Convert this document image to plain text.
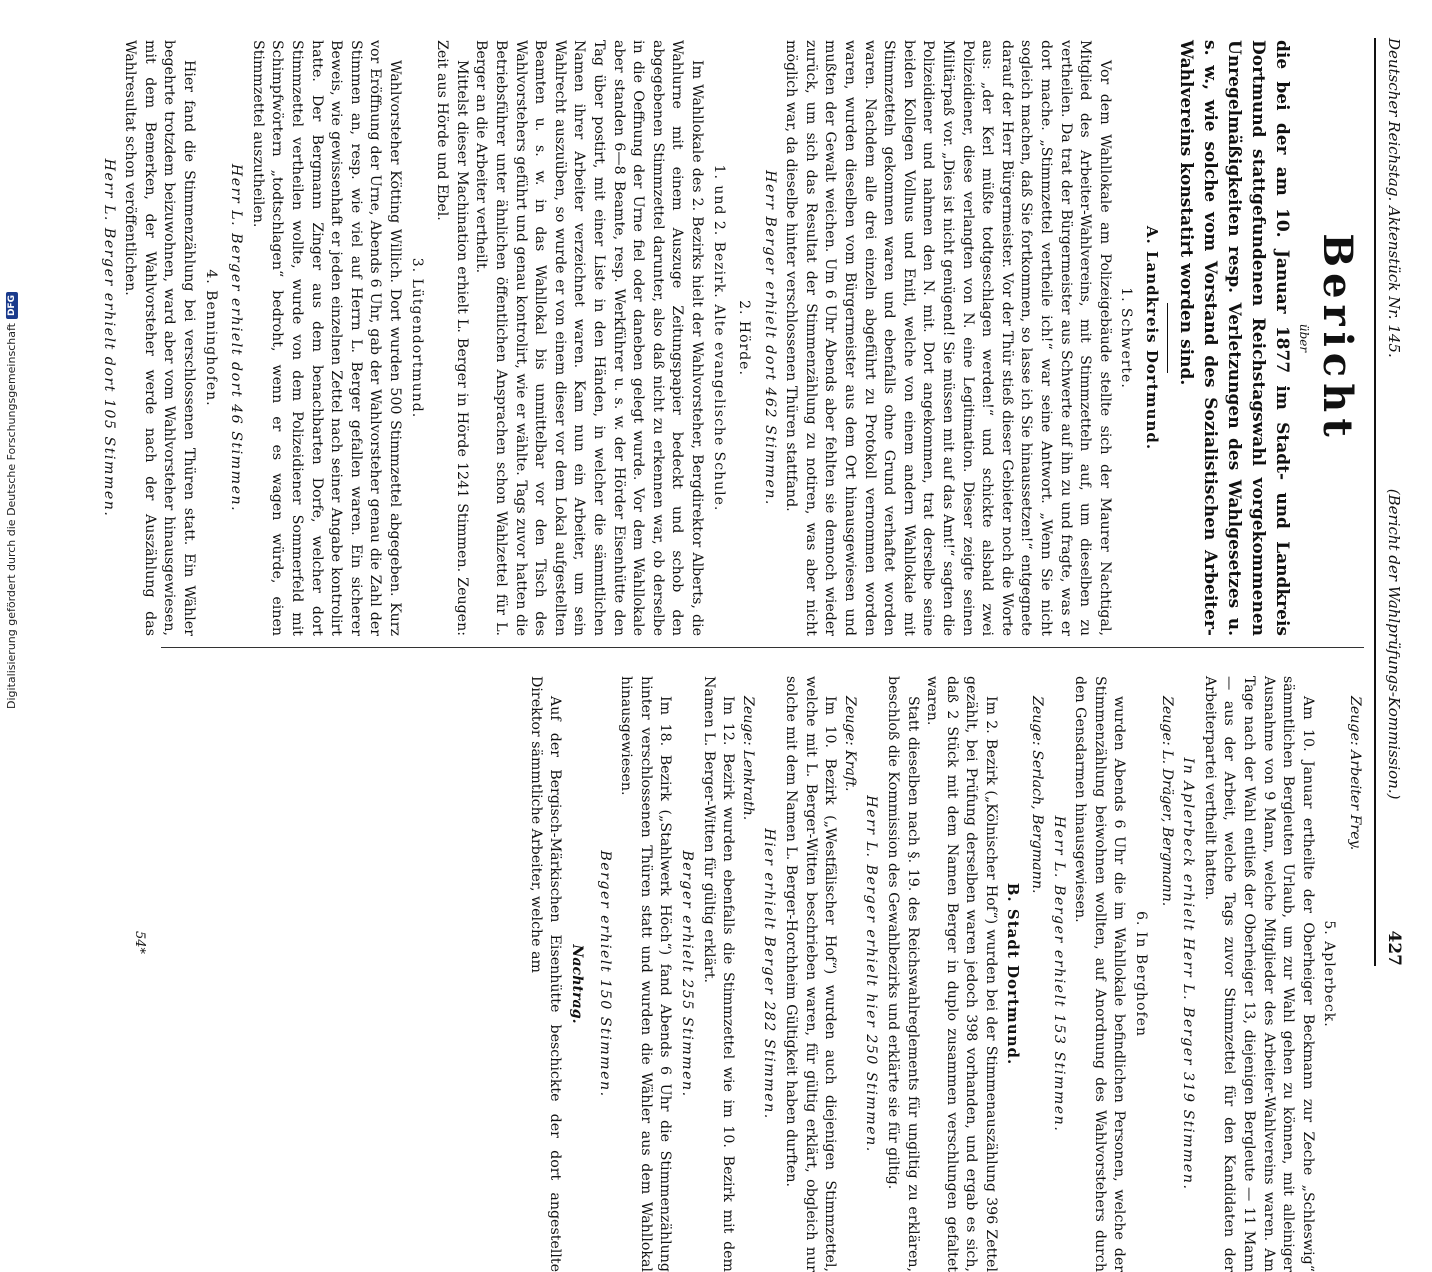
Digitalisierung gefördert durch die Deutsche Forschungsgemeinschaft
DFG	Deutscher Reichstag. Aktenstück Nr. 145.
(Bericht der Wahlprüfungs-Kommission.)
427
Bericht
über

die bei der am 10. Januar 1877 im Stadt- und Landkreis Dortmund stattgefundenen Reichstagswahl vorgekommenen Unregelmäßigkeiten resp. Verletzungen des Wahlgesetzes u. s. w., wie solche vom Vorstand des Sozialistischen Arbeiter-Wahlvereins konstatirt worden sind.

A. Landkreis Dortmund.
1. Schwerte.

Vor dem Wahllokale am Polizeigebäude stellte sich der Maurer Nachtigal, Mitglied des Arbeiter-Wahlvereins, mit Stimmzetteln auf, um dieselben zu vertheilen. Da trat der Bürgermeister aus Schwerte auf ihn zu und fragte, was er dort mache. „Stimmzettel vertheile ich!“ war seine Antwort. „Wenn Sie nicht sogleich machen, daß Sie fortkommen, so lasse ich Sie hinaussetzen!“ entgegnete darauf der Herr Bürgermeister. Vor der Thür stieß dieser Gebieter noch die Worte aus: „der Kerl müßte todtgeschlagen werden!“ und schickte alsbald zwei Polizeidiener, diese verlangten von N. eine Legitimation. Dieser zeigte seinen Militärpaß vor. „Dies ist nicht genügend! Sie müssen mit auf das Amt!“ sagten die Polizeidiener und nahmen den N. mit. Dort angekommen, trat derselbe seine beiden Kollegen Vollnus und Enitl, welche von einem andern Wahllokale mit Stimmzetteln gekommen waren und ebenfalls ohne Grund verhaftet worden waren. Nachdem alle drei einzeln abgeführt zu Protokoll vernommen worden waren, wurden dieselben vom Bürgermeister aus dem Ort hinausgewiesen und mußten der Gewalt weichen. Um 6 Uhr Abends aber fehlten sie dennoch wieder zurück, um sich das Resultat der Stimmenzählung zu notiren, was aber nicht möglich war, da dieselbe hinter verschlossenen Thüren stattfand.

Herr Berger erhielt dort 462 Stimmen.

2. Hörde.
1. und 2. Bezirk. Alte evangelische Schule.

Im Wahllokale des 2. Bezirks hielt der Wahlvorsteher, Bergdirektor Alberts, die Wahlurne mit einem Auszuge Zeitungspapier bedeckt und schob den abgegebenen Stimmzettel darunter, also daß nicht zu erkennen war, ob derselbe in die Oeffnung der Urne fiel oder daneben gelegt wurde. Vor dem Wahllokale aber standen 6—8 Beamte, resp. Werkführer u. s. w. der Hörder Eisenhütte den Tag über postirt, mit einer Liste in den Händen, in welcher die sämmtlichen Namen ihrer Arbeiter verzeichnet waren. Kam nun ein Arbeiter, um sein Wahlrecht auszuüben, so wurde er von einem dieser vor dem Lokal aufgestellten Beamten u. s. w. in das Wahllokal bis unmittelbar vor den Tisch des Wahlvorstehers geführt und genau kontrolirt, wie er wählte. Tags zuvor hatten die Betriebsführer unter ähnlichen öffentlichen Ansprachen schon Wahlzettel für L. Berger an die Arbeiter vertheilt.

Mittelst dieser Machination erhielt L. Berger in Hörde 1241 Stimmen. Zeugen: Zeit aus Hörde und Ebel.

3. Lütgendortmund.

Wahlvorsteher Kötting Willich. Dort wurden 500 Stimmzettel abgegeben. Kurz vor Eröffnung der Urne, Abends 6 Uhr, gab der Wahlvorsteher genau die Zahl der Stimmen an, resp. wie viel auf Herrn L. Berger gefallen waren. Ein sicherer Beweis, wie gewissenhaft er jeden einzelnen Zettel nach seiner Angabe kontrolirt hatte. Der Bergmann Zinger aus dem benachbarten Dorfe, welcher dort Stimmzettel vertheilen wollte, wurde von dem Polizeidiener Sommerfeld mit Schimpfwörtern „todtschlagen“ bedroht, wenn er es wagen würde, einen Stimmzettel auszutheilen.

Herr L. Berger erhielt dort 46 Stimmen.

4. Benninghofen.

Hier fand die Stimmenzählung bei verschlossenen Thüren statt. Ein Wähler begehrte trotzdem beizuwohnen, ward aber vom Wahlvorsteher hinausgewiesen, mit dem Bemerken, der Wahlvorsteher werde nach der Auszählung das Wahlresultat schon veröffentlichen.

Herr L. Berger erhielt dort 105 Stimmen.

Zeuge: Arbeiter Frey.

5. Aplerbeck.

Am 10. Januar ertheilte der Oberheiger Beckmann zur Zeche „Schleswig“ sämmtlichen Bergleuten Urlaub, um zur Wahl gehen zu können, mit alleiniger Ausnahme von 9 Mann, welche Mitglieder des Arbeiter-Wahlvereins waren. Am Tage nach der Wahl entließ der Oberheiger 13, diejenigen Bergleute — 11 Mann — aus der Arbeit, welche Tags zuvor Stimmzettel für den Kandidaten der Arbeiterpartei vertheilt hatten.

In Aplerbeck erhielt Herr L. Berger 319 Stimmen.

Zeuge: L. Dräger, Bergmann.

6. In Berghofen

wurden Abends 6 Uhr die im Wahllokale befindlichen Personen, welche der Stimmenzählung beiwohnen wollten, auf Anordnung des Wahlvorstehers durch den Gensdarmen hinausgewiesen.

Herr L. Berger erhielt 153 Stimmen.

Zeuge: Serlach, Bergmann.

B. Stadt Dortmund.

Im 2. Bezirk („Kölnischer Hof“) wurden bei der Stimmenauszählung 396 Zettel gezählt, bei Prüfung derselben waren jedoch 398 vorhanden, und ergab es sich, daß 2 Stück mit dem Namen Berger in duplo zusammen verschlungen gefaltet waren.

Statt dieselben nach §. 19. des Reichswahlreglements für ungiltig zu erklären, beschloß die Kommission des Gewahlbezirks und erklärte sie für giltig.

Herr L. Berger erhielt hier 250 Stimmen.

Zeuge: Kraft.

Im 10. Bezirk („Westfälischer Hof“) wurden auch diejenigen Stimmzettel, welche mit L. Berger-Witten beschrieben waren, für gültig erklärt, obgleich nur solche mit dem Namen L. Berger-Horchheim Gültigkeit haben durften.

Hier erhielt Berger 282 Stimmen.

Zeuge: Lenkrath.

Im 12. Bezirk wurden ebenfalls die Stimmzettel wie im 10. Bezirk mit dem Namen L. Berger-Witten für gültig erklärt.

Berger erhielt 255 Stimmen.

Im 18. Bezirk („Stahlwerk Höch“) fand Abends 6 Uhr die Stimmenzählung hinter verschlossenen Thüren statt und wurden die Wähler aus dem Wahllokal hinausgewiesen.

Berger erhielt 150 Stimmen.

Nachtrag.

Auf der Bergisch-Märkischen Eisenhütte beschickte der dort angestellte Direktor sämmtliche Arbeiter, welche am

54*
